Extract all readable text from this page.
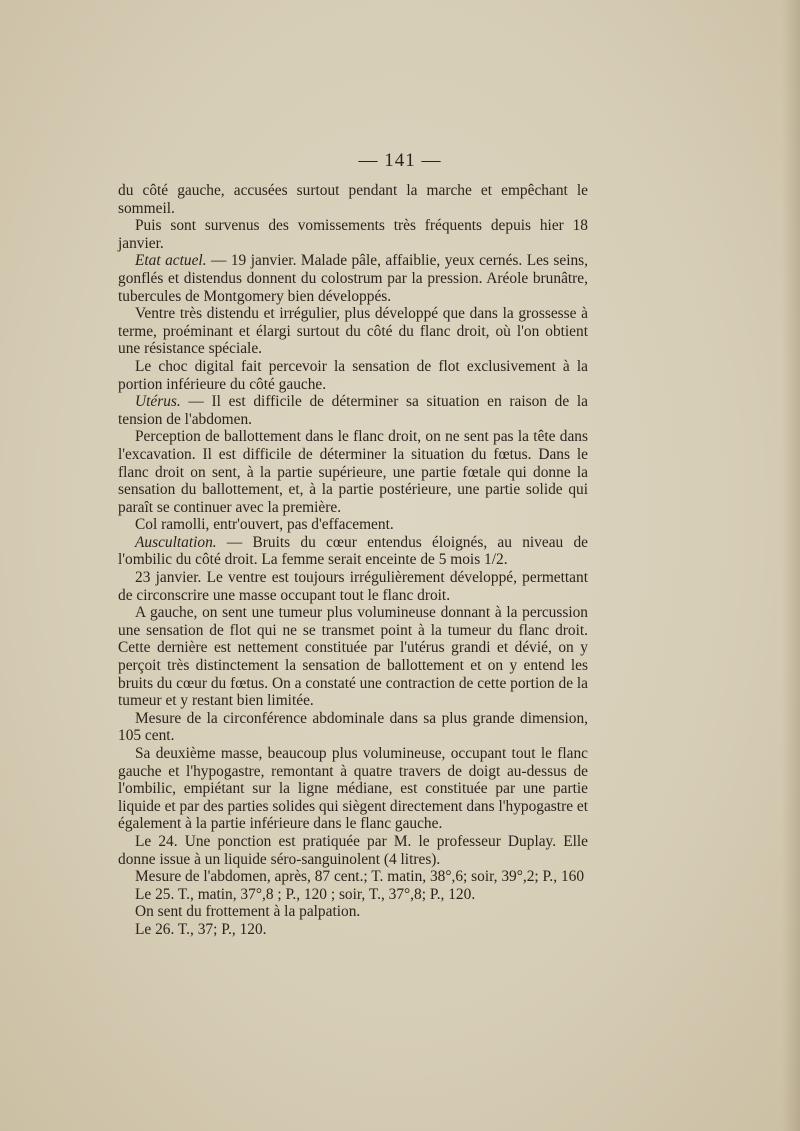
— 141 —

du côté gauche, accusées surtout pendant la marche et empêchant le sommeil.

Puis sont survenus des vomissements très fréquents depuis hier 18 janvier.

Etat actuel. — 19 janvier. Malade pâle, affaiblie, yeux cernés. Les seins, gonflés et distendus donnent du colostrum par la pression. Aréole brunâtre, tubercules de Montgomery bien développés.

Ventre très distendu et irrégulier, plus développé que dans la grossesse à terme, proéminant et élargi surtout du côté du flanc droit, où l'on obtient une résistance spéciale.

Le choc digital fait percevoir la sensation de flot exclusivement à la portion inférieure du côté gauche.

Utérus. — Il est difficile de déterminer sa situation en raison de la tension de l'abdomen.

Perception de ballottement dans le flanc droit, on ne sent pas la tête dans l'excavation. Il est difficile de déterminer la situation du fœtus. Dans le flanc droit on sent, à la partie supérieure, une partie fœtale qui donne la sensation du ballottement, et, à la partie postérieure, une partie solide qui paraît se continuer avec la première.

Col ramolli, entr'ouvert, pas d'effacement.

Auscultation. — Bruits du cœur entendus éloignés, au niveau de l'ombilic du côté droit. La femme serait enceinte de 5 mois 1/2.

23 janvier. Le ventre est toujours irrégulièrement développé, permettant de circonscrire une masse occupant tout le flanc droit.

A gauche, on sent une tumeur plus volumineuse donnant à la percussion une sensation de flot qui ne se transmet point à la tumeur du flanc droit. Cette dernière est nettement constituée par l'utérus grandi et dévié, on y perçoit très distinctement la sensation de ballottement et on y entend les bruits du cœur du fœtus. On a constaté une contraction de cette portion de la tumeur et y restant bien limitée.

Mesure de la circonférence abdominale dans sa plus grande dimension, 105 cent.

Sa deuxième masse, beaucoup plus volumineuse, occupant tout le flanc gauche et l'hypogastre, remontant à quatre travers de doigt au-dessus de l'ombilic, empiétant sur la ligne médiane, est constituée par une partie liquide et par des parties solides qui siègent directement dans l'hypogastre et également à la partie inférieure dans le flanc gauche.

Le 24. Une ponction est pratiquée par M. le professeur Duplay. Elle donne issue à un liquide séro-sanguinolent (4 litres).

Mesure de l'abdomen, après, 87 cent.; T. matin, 38°,6; soir, 39°,2; P., 160

Le 25. T., matin, 37°,8 ; P., 120 ; soir, T., 37°,8; P., 120.

On sent du frottement à la palpation.

Le 26. T., 37; P., 120.
